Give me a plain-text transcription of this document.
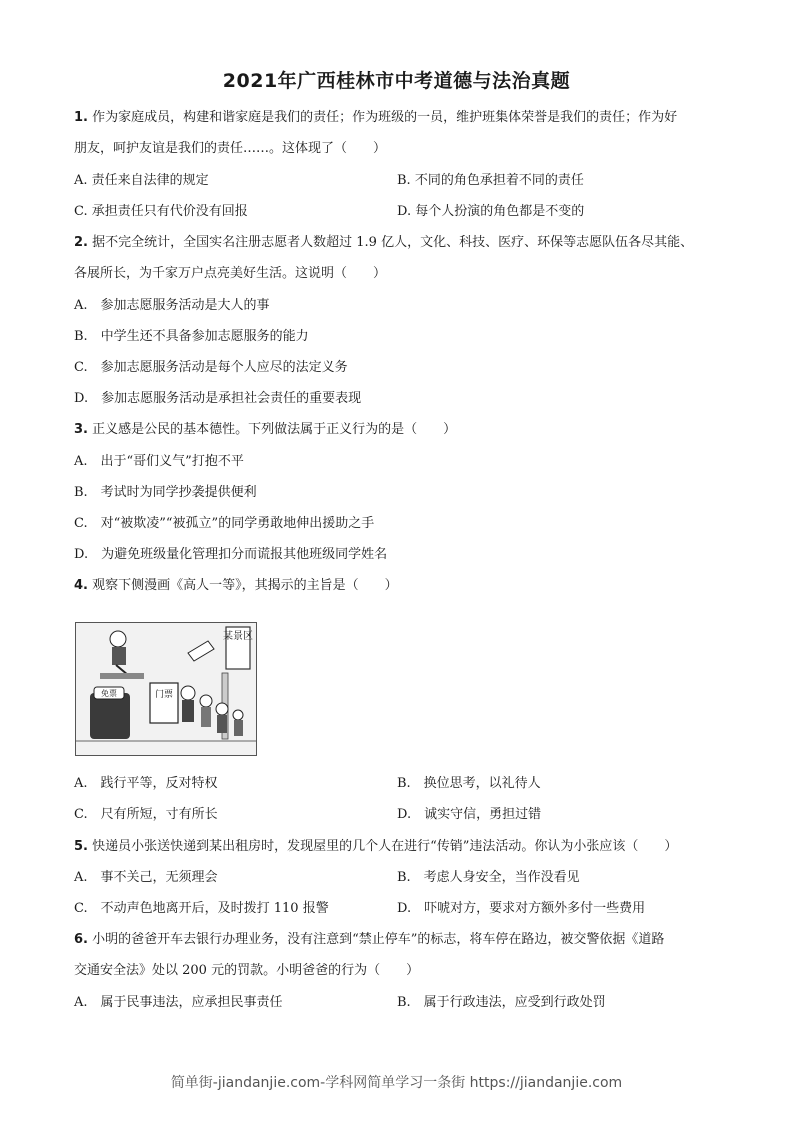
2021年广西桂林市中考道德与法治真题
1. 作为家庭成员，构建和谐家庭是我们的责任；作为班级的一员，维护班集体荣誉是我们的责任；作为好
朋友，呵护友谊是我们的责任……。这体现了（　　）
A. 责任来自法律的规定	B. 不同的角色承担着不同的责任
C. 承担责任只有代价没有回报	D. 每个人扮演的角色都是不变的
2. 据不完全统计，全国实名注册志愿者人数超过 1.9 亿人，文化、科技、医疗、环保等志愿队伍各尽其能、
各展所长，为千家万户点亮美好生活。这说明（　　）
A.　参加志愿服务活动是大人的事
B.　中学生还不具备参加志愿服务的能力
C.　参加志愿服务活动是每个人应尽的法定义务
D.　参加志愿服务活动是承担社会责任的重要表现
3. 正义感是公民的基本德性。下列做法属于正义行为的是（　　）
A.　出于“哥们义气”打抱不平
B.　考试时为同学抄袭提供便利
C.　对“被欺凌”“被孤立”的同学勇敢地伸出援助之手
D.　为避免班级量化管理扣分而谎报其他班级同学姓名
4. 观察下侧漫画《高人一等》，其揭示的主旨是（　　）
某景区
免票	门票
A.　践行平等，反对特权	B.　换位思考，以礼待人
C.　尺有所短，寸有所长	D.　诚实守信，勇担过错
5. 快递员小张送快递到某出租房时，发现屋里的几个人在进行“传销”违法活动。你认为小张应该（　　）
A.　事不关己，无须理会	B.　考虑人身安全，当作没看见
C.　不动声色地离开后，及时拨打 110 报警	D.　吓唬对方，要求对方额外多付一些费用
6. 小明的爸爸开车去银行办理业务，没有注意到“禁止停车”的标志，将车停在路边，被交警依据《道路
交通安全法》处以 200 元的罚款。小明爸爸的行为（　　）
A.　属于民事违法，应承担民事责任	B.　属于行政违法，应受到行政处罚
简单街-jiandanjie.com-学科网简单学习一条街 https://jiandanjie.com
